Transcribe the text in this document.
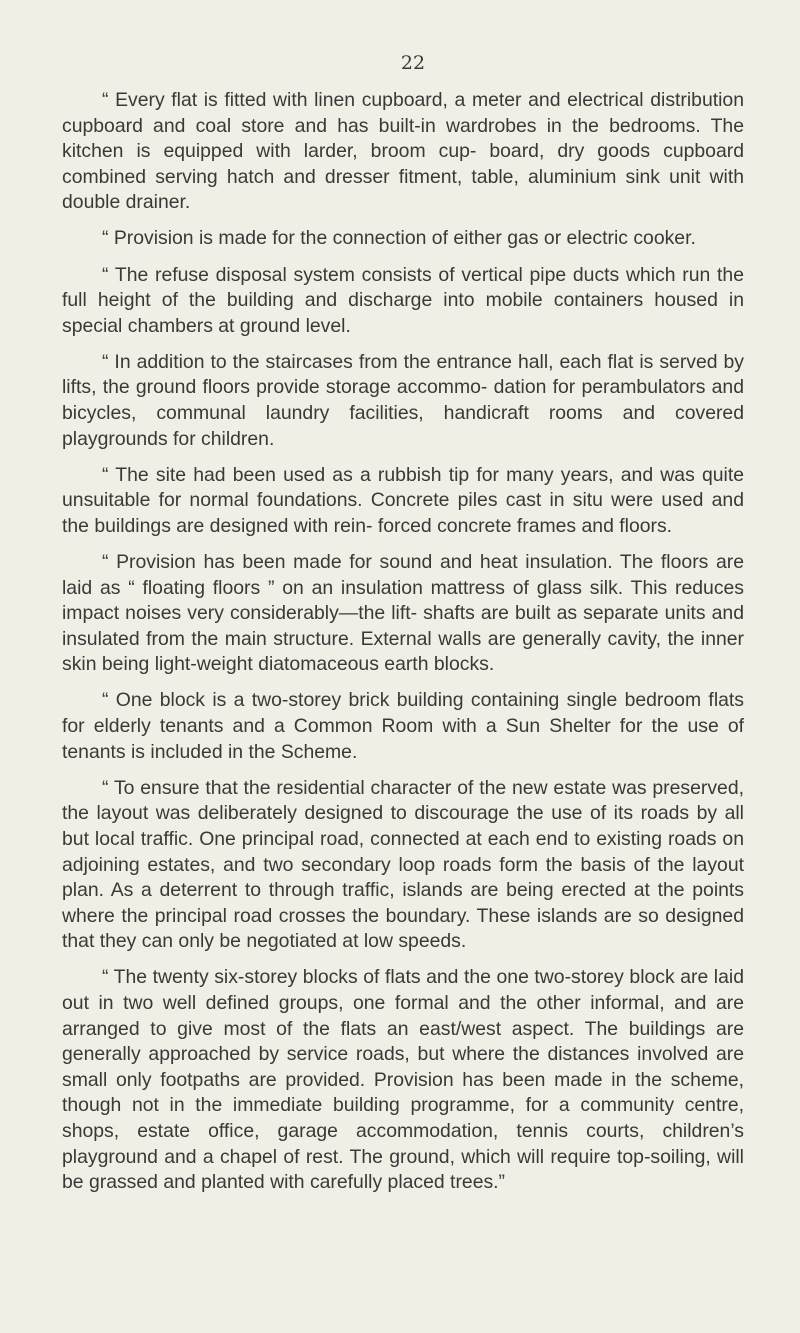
22

“ Every flat is fitted with linen cupboard, a meter and electrical distribution cupboard and coal store and has built-in wardrobes in the bedrooms. The kitchen is equipped with larder, broom cup- board, dry goods cupboard combined serving hatch and dresser fitment, table, aluminium sink unit with double drainer.

“ Provision is made for the connection of either gas or electric cooker.

“ The refuse disposal system consists of vertical pipe ducts which run the full height of the building and discharge into mobile containers housed in special chambers at ground level.

“ In addition to the staircases from the entrance hall, each flat is served by lifts, the ground floors provide storage accommo- dation for perambulators and bicycles, communal laundry facilities, handicraft rooms and covered playgrounds for children.

“ The site had been used as a rubbish tip for many years, and was quite unsuitable for normal foundations. Concrete piles cast in situ were used and the buildings are designed with rein- forced concrete frames and floors.

“ Provision has been made for sound and heat insulation. The floors are laid as “ floating floors ” on an insulation mattress of glass silk. This reduces impact noises very considerably—the lift- shafts are built as separate units and insulated from the main structure. External walls are generally cavity, the inner skin being light-weight diatomaceous earth blocks.

“ One block is a two-storey brick building containing single bedroom flats for elderly tenants and a Common Room with a Sun Shelter for the use of tenants is included in the Scheme.

“ To ensure that the residential character of the new estate was preserved, the layout was deliberately designed to discourage the use of its roads by all but local traffic. One principal road, connected at each end to existing roads on adjoining estates, and two secondary loop roads form the basis of the layout plan. As a deterrent to through traffic, islands are being erected at the points where the principal road crosses the boundary. These islands are so designed that they can only be negotiated at low speeds.

“ The twenty six-storey blocks of flats and the one two-storey block are laid out in two well defined groups, one formal and the other informal, and are arranged to give most of the flats an east/west aspect. The buildings are generally approached by service roads, but where the distances involved are small only footpaths are provided. Provision has been made in the scheme, though not in the immediate building programme, for a community centre, shops, estate office, garage accommodation, tennis courts, children’s playground and a chapel of rest. The ground, which will require top-soiling, will be grassed and planted with carefully placed trees.”
